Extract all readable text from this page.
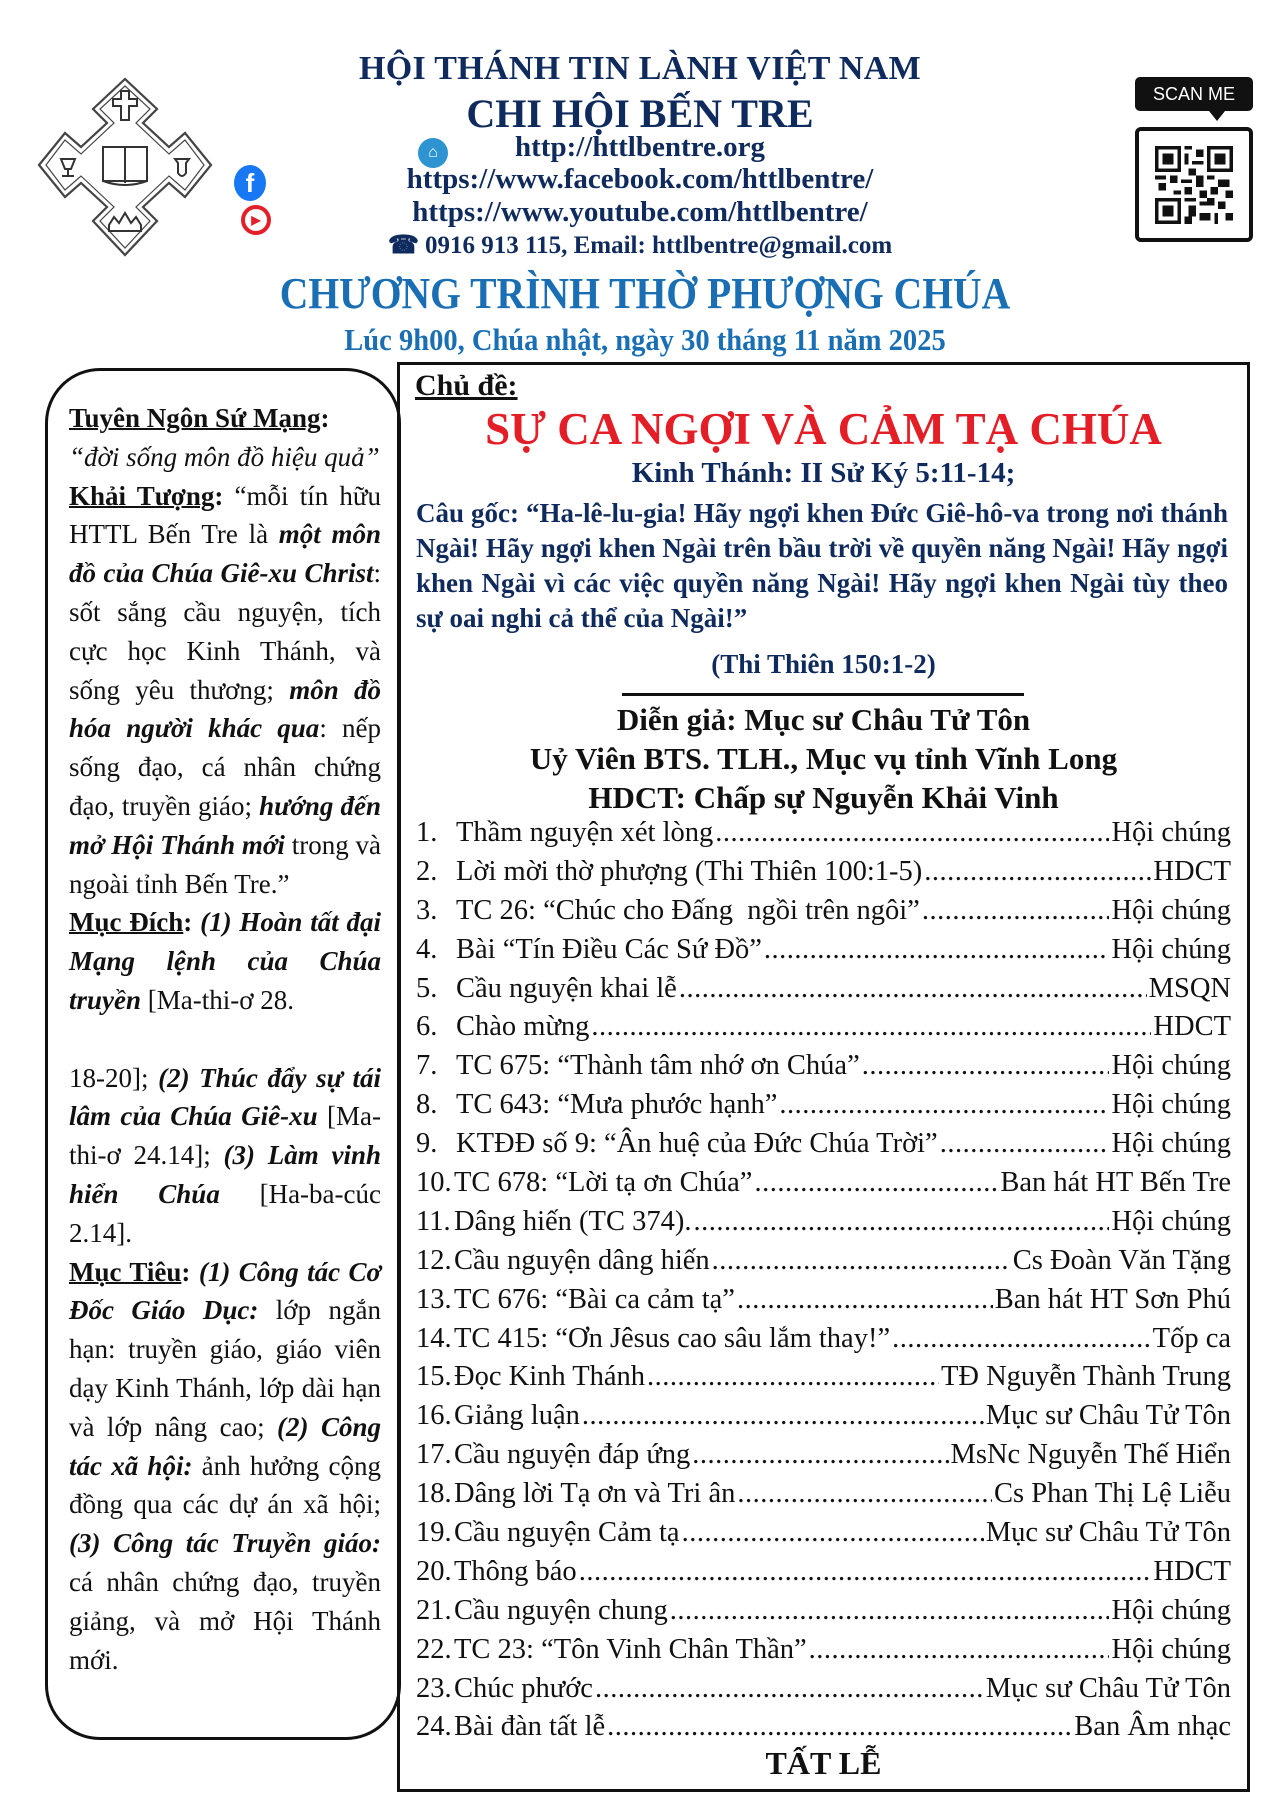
⌂
f
▶
HỘI THÁNH TIN LÀNH VIỆT NAM
CHI HỘI BẾN TRE
http://httlbentre.org
https://www.facebook.com/httlbentre/
https://www.youtube.com/httlbentre/
☎ 0916 913 115, Email: httlbentre@gmail.com
SCAN ME
CHƯƠNG TRÌNH THỜ PHƯỢNG CHÚA
Lúc 9h00, Chúa nhật, ngày 30 tháng 11 năm 2025

Tuyên Ngôn Sứ Mạng:
“đời sống môn đồ hiệu quả”

Khải Tượng: “mỗi tín hữu HTTL Bến Tre là một môn đồ của Chúa Giê-xu Christ: sốt sắng cầu nguyện, tích cực học Kinh Thánh, và sống yêu thương; môn đồ hóa người khác qua: nếp sống đạo, cá nhân chứng đạo, truyền giáo; hướng đến mở Hội Thánh mới trong và ngoài tỉnh Bến Tre.”

Mục Đích: (1) Hoàn tất đại Mạng lệnh của Chúa truyền [Ma-thi-ơ 28.

18-20]; (2) Thúc đẩy sự tái lâm của Chúa Giê-xu [Ma-thi-ơ 24.14]; (3) Làm vinh hiển Chúa [Ha-ba-cúc 2.14].

Mục Tiêu: (1) Công tác Cơ Đốc Giáo Dục: lớp ngắn hạn: truyền giáo, giáo viên dạy Kinh Thánh, lớp dài hạn và lớp nâng cao; (2) Công tác xã hội: ảnh hưởng cộng đồng qua các dự án xã hội; (3) Công tác Truyền giáo: cá nhân chứng đạo, truyền giảng, và mở Hội Thánh mới.

Chủ đề:
SỰ CA NGỢI VÀ CẢM TẠ CHÚA
Kinh Thánh: II Sử Ký 5:11-14;
Câu gốc: “Ha-lê-lu-gia! Hãy ngợi khen Đức Giê-hô-va trong nơi thánh Ngài! Hãy ngợi khen Ngài trên bầu trời về quyền năng Ngài! Hãy ngợi khen Ngài vì các việc quyền năng Ngài! Hãy ngợi khen Ngài tùy theo sự oai nghi cả thể của Ngài!”
(Thi Thiên 150:1-2)
Diễn giả: Mục sư Châu Tử Tôn
Uỷ Viên BTS. TLH., Mục vụ tỉnh Vĩnh Long
HDCT: Chấp sự Nguyễn Khải Vinh
1. Thầm nguyện xét lòng .....	Hội chúng
2. Lời mời thờ phượng (Thi Thiên 100:1-5) .....	HDCT
3. TC 26: “Chúc cho Đấng  ngồi trên ngôi” .....	Hội chúng
4. Bài “Tín Điều Các Sứ Đồ” .....	Hội chúng
5. Cầu nguyện khai lễ .....	MSQN
6. Chào mừng .....	HDCT
7. TC 675: “Thành tâm nhớ ơn Chúa” .....	Hội chúng
8. TC 643: “Mưa phước hạnh” .....	Hội chúng
9. KTĐĐ số 9: “Ân huệ của Đức Chúa Trời” .....	Hội chúng
10. TC 678: “Lời tạ ơn Chúa” .....	Ban hát HT Bến Tre
11. Dâng hiến (TC 374). .....	Hội chúng
12. Cầu nguyện dâng hiến .....	Cs Đoàn Văn Tặng
13. TC 676: “Bài ca cảm tạ” .....	Ban hát HT Sơn Phú
14. TC 415: “Ơn Jêsus cao sâu lắm thay!” .....	Tốp ca
15. Đọc Kinh Thánh .....	TĐ Nguyễn Thành Trung
16. Giảng luận .....	Mục sư Châu Tử Tôn
17. Cầu nguyện đáp ứng .....	MsNc Nguyễn Thế Hiển
18. Dâng lời Tạ ơn và Tri ân .....	Cs Phan Thị Lệ Liễu
19. Cầu nguyện Cảm tạ .....	Mục sư Châu Tử Tôn
20. Thông báo .....	HDCT
21. Cầu nguyện chung .....	Hội chúng
22. TC 23: “Tôn Vinh Chân Thần” .....	Hội chúng
23. Chúc phước .....	Mục sư Châu Tử Tôn
24. Bài đàn tất lễ .....	Ban Âm nhạc
TẤT LỄ
